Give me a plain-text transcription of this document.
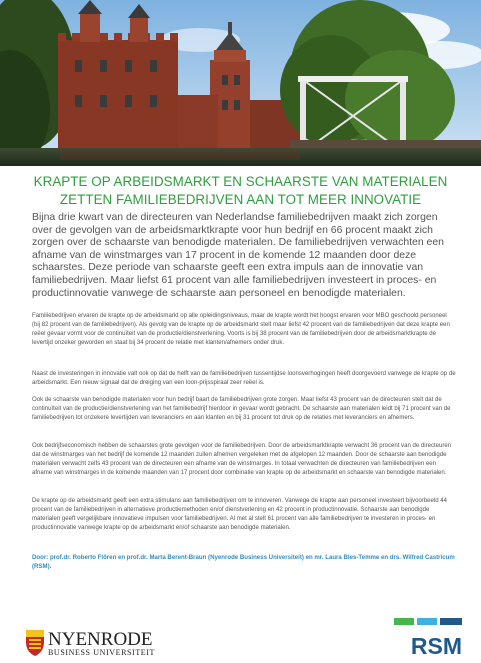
KRAPTE OP ARBEIDSMARKT EN SCHAARSTE VAN MATERIALEN
ZETTEN FAMILIEBEDRIJVEN AAN TOT MEER INNOVATIE
Bijna drie kwart van de directeuren van Nederlandse familiebedrijven maakt zich zorgen over de gevolgen van de arbeidsmarktkrapte voor hun bedrijf en 66 procent maakt zich zorgen over de schaarste van benodigde materialen. De familiebedrijven verwachten een afname van de winstmarges van 17 procent in de komende 12 maanden door deze schaarstes. Deze periode van schaarste geeft een extra impuls aan de innovatie van familiebedrijven. Maar liefst 61 procent van alle familiebedrijven investeert in proces- en productinnovatie vanwege de schaarste aan personeel en benodigde materialen.
Familiebedrijven ervaren de krapte op de arbeidsmarkt op alle opleidingsniveaus, maar de krapte wordt het hoogst ervaren voor MBO geschoold personeel (bij 82 procent van de familiebedrijven). Als gevolg van de krapte op de arbeidsmarkt stelt maar liefst 42 procent van de familiebedrijven dat deze krapte een reëel gevaar vormt voor de continuïteit van de productie/dienstverlening. Voorts is bij 38 procent van de familiebedrijven door de arbeidsmarktkrapte de levertijd onzeker geworden en staat bij 34 procent de relatie met klanten/afnemers onder druk.
Naast de investeringen in innovatie valt ook op dat de helft van de familiebedrijven tussentijdse loonsverhogingen heeft doorgevoerd vanwege de krapte op de arbeidsmarkt. Een nieuw signaal dat de dreiging van een loon-prijsspiraal zeer reëel is.
Ook de schaarste van benodigde materialen voor hun bedrijf baart de familiebedrijven grote zorgen. Maar liefst 43 procent van de directeuren stelt dat de continuïteit van de productie/dienstverlening van het familiebedrijf hierdoor in gevaar wordt gebracht. De schaarste aan materialen leidt bij 71 procent van de familiebedrijven tot onzekere levertijden van leveranciers en aan klanten en bij 31 procent tot druk op de relaties met leveranciers en afnemers.
Ook bedrijfseconomisch hebben de schaarstes grote gevolgen voor de familiebedrijven. Door de arbeidsmarktkrapte verwacht 36 procent van de directeuren dat de winstmarges van het bedrijf de komende 12 maanden zullen afnemen vergeleken met de afgelopen 12 maanden. Door de schaarste aan benodigde materialen verwacht zelfs 43 procent van de directeuren een afname van de winstmarges. In totaal verwachten de directeuren van familiebedrijven een afname van winstmarges in de komende maanden van 17 procent door combinatie van krapte op de arbeidsmarkt en schaarste van benodigde materialen.
De krapte op de arbeidsmarkt geeft een extra stimulans aan familiebedrijven om te innoveren. Vanwege de krapte aan personeel investeert bijvoorbeeld 44 procent van de familiebedrijven in alternatieve productiemethoden en/of dienstverlening en 42 procent in productinnovatie. Schaarste aan benodigde materialen geeft vergelijkbare innovatieve impulsen voor familiebedrijven. Al met al stelt 61 procent van alle familiebedrijven te investeren in proces- en productinnovatie vanwege krapte op de arbeidsmarkt en/of schaarste aan benodigde materialen.
Door: prof.dr. Roberto Flören en prof.dr. Marta Berent-Braun (Nyenrode Business Universiteit) en mr. Laura Bles-Temme en drs. Wilfred Castricum (RSM).
NYENRODE
BUSINESS UNIVERSITEIT	RSM
